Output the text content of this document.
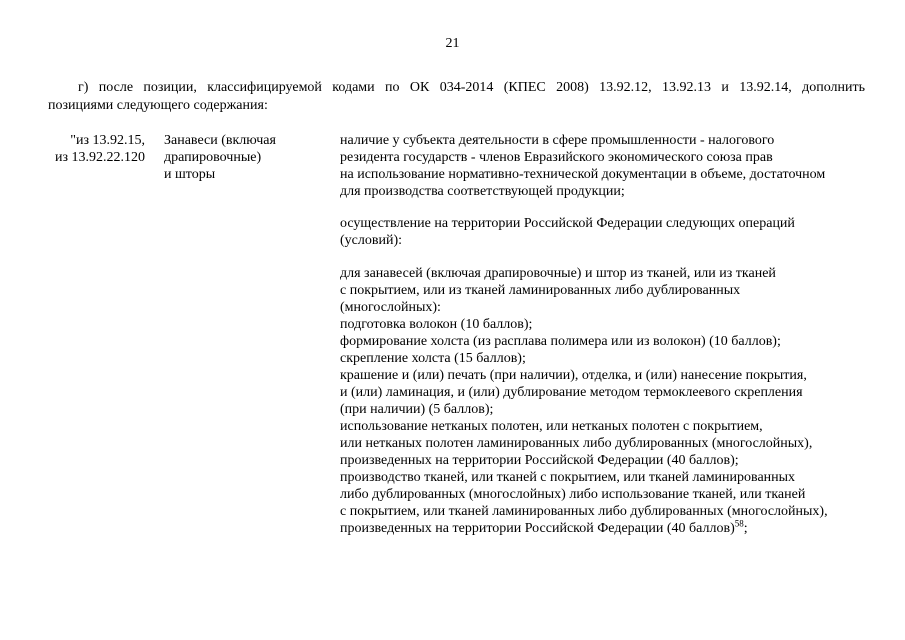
21
г) после позиции, классифицируемой кодами по ОК 034-2014 (КПЕС 2008) 13.92.12, 13.92.13 и 13.92.14, дополнить
позициями следующего содержания:
"из 13.92.15,
из 13.92.22.120
Занавеси (включая
драпировочные)
и шторы
наличие у субъекта деятельности в сфере промышленности - налогового
резидента государств - членов Евразийского экономического союза прав
на использование нормативно-технической документации в объеме, достаточном
для производства соответствующей продукции;
осуществление на территории Российской Федерации следующих операций
(условий):
для занавесей (включая драпировочные) и штор из тканей, или из тканей
с покрытием, или из тканей ламинированных либо дублированных
(многослойных):
подготовка волокон (10 баллов);
формирование холста (из расплава полимера или из волокон) (10 баллов);
скрепление холста (15 баллов);
крашение и (или) печать (при наличии), отделка, и (или) нанесение покрытия,
и (или) ламинация, и (или) дублирование методом термоклеевого скрепления
(при наличии) (5 баллов);
использование нетканых полотен, или нетканых полотен с покрытием,
или нетканых полотен ламинированных либо дублированных (многослойных),
произведенных на территории Российской Федерации (40 баллов);
производство тканей, или тканей с покрытием, или тканей ламинированных
либо дублированных (многослойных) либо использование тканей, или тканей
с покрытием, или тканей ламинированных либо дублированных (многослойных),
произведенных на территории Российской Федерации (40 баллов)$^{58}$;
